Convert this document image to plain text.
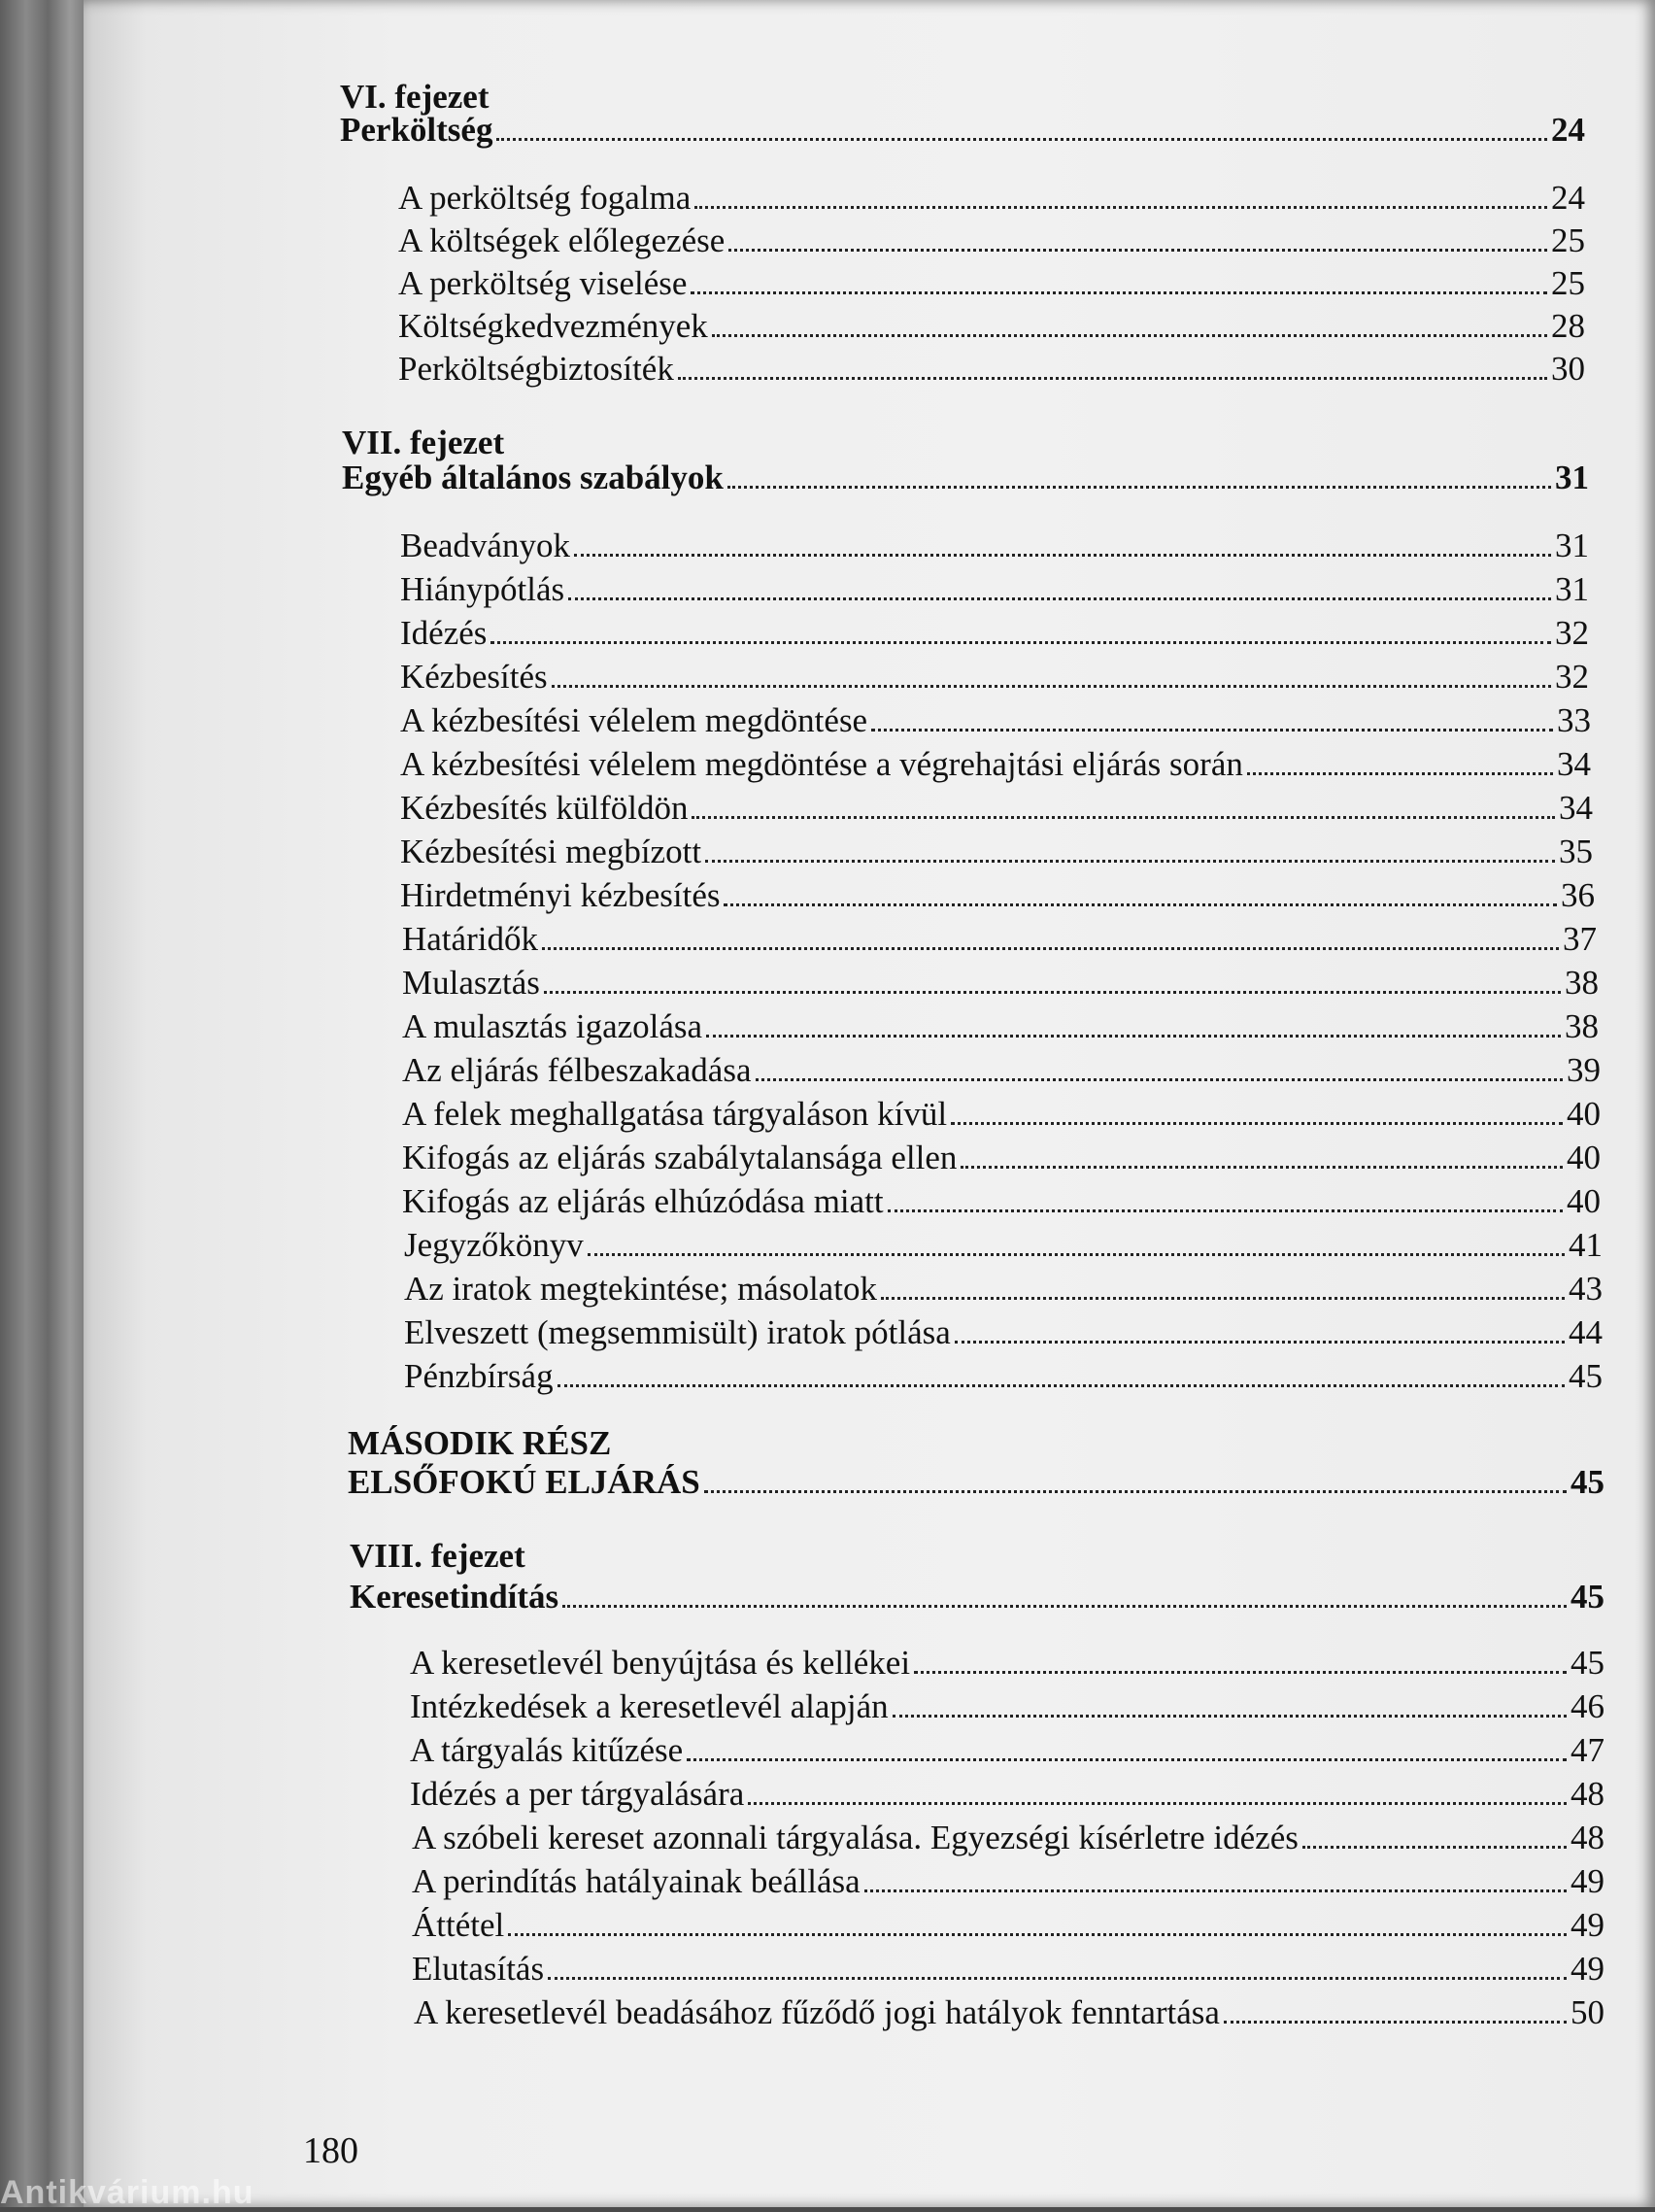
VI. fejezet
Perköltség	24
A perköltség fogalma	24
A költségek előlegezése	25
A perköltség viselése	25
Költségkedvezmények	28
Perköltségbiztosíték	30
VII. fejezet
Egyéb általános szabályok	31
Beadványok	31
Hiánypótlás	31
Idézés	32
Kézbesítés	32
A kézbesítési vélelem megdöntése	33
A kézbesítési vélelem megdöntése a végrehajtási eljárás során	34
Kézbesítés külföldön	34
Kézbesítési megbízott	35
Hirdetményi kézbesítés	36
Határidők	37
Mulasztás	38
A mulasztás igazolása	38
Az eljárás félbeszakadása	39
A felek meghallgatása tárgyaláson kívül	40
Kifogás az eljárás szabálytalansága ellen	40
Kifogás az eljárás elhúzódása miatt	40
Jegyzőkönyv	41
Az iratok megtekintése; másolatok	43
Elveszett (megsemmisült) iratok pótlása	44
Pénzbírság	45
MÁSODIK RÉSZ
ELSŐFOKÚ ELJÁRÁS	45
VIII. fejezet
Keresetindítás	45
A keresetlevél benyújtása és kellékei	45
Intézkedések a keresetlevél alapján	46
A tárgyalás kitűzése	47
Idézés a per tárgyalására	48
A szóbeli kereset azonnali tárgyalása. Egyezségi kísérletre idézés	48
A perindítás hatályainak beállása	49
Áttétel	49
Elutasítás	49
A keresetlevél beadásához fűződő jogi hatályok fenntartása	50
180
Antikvárium.hu
